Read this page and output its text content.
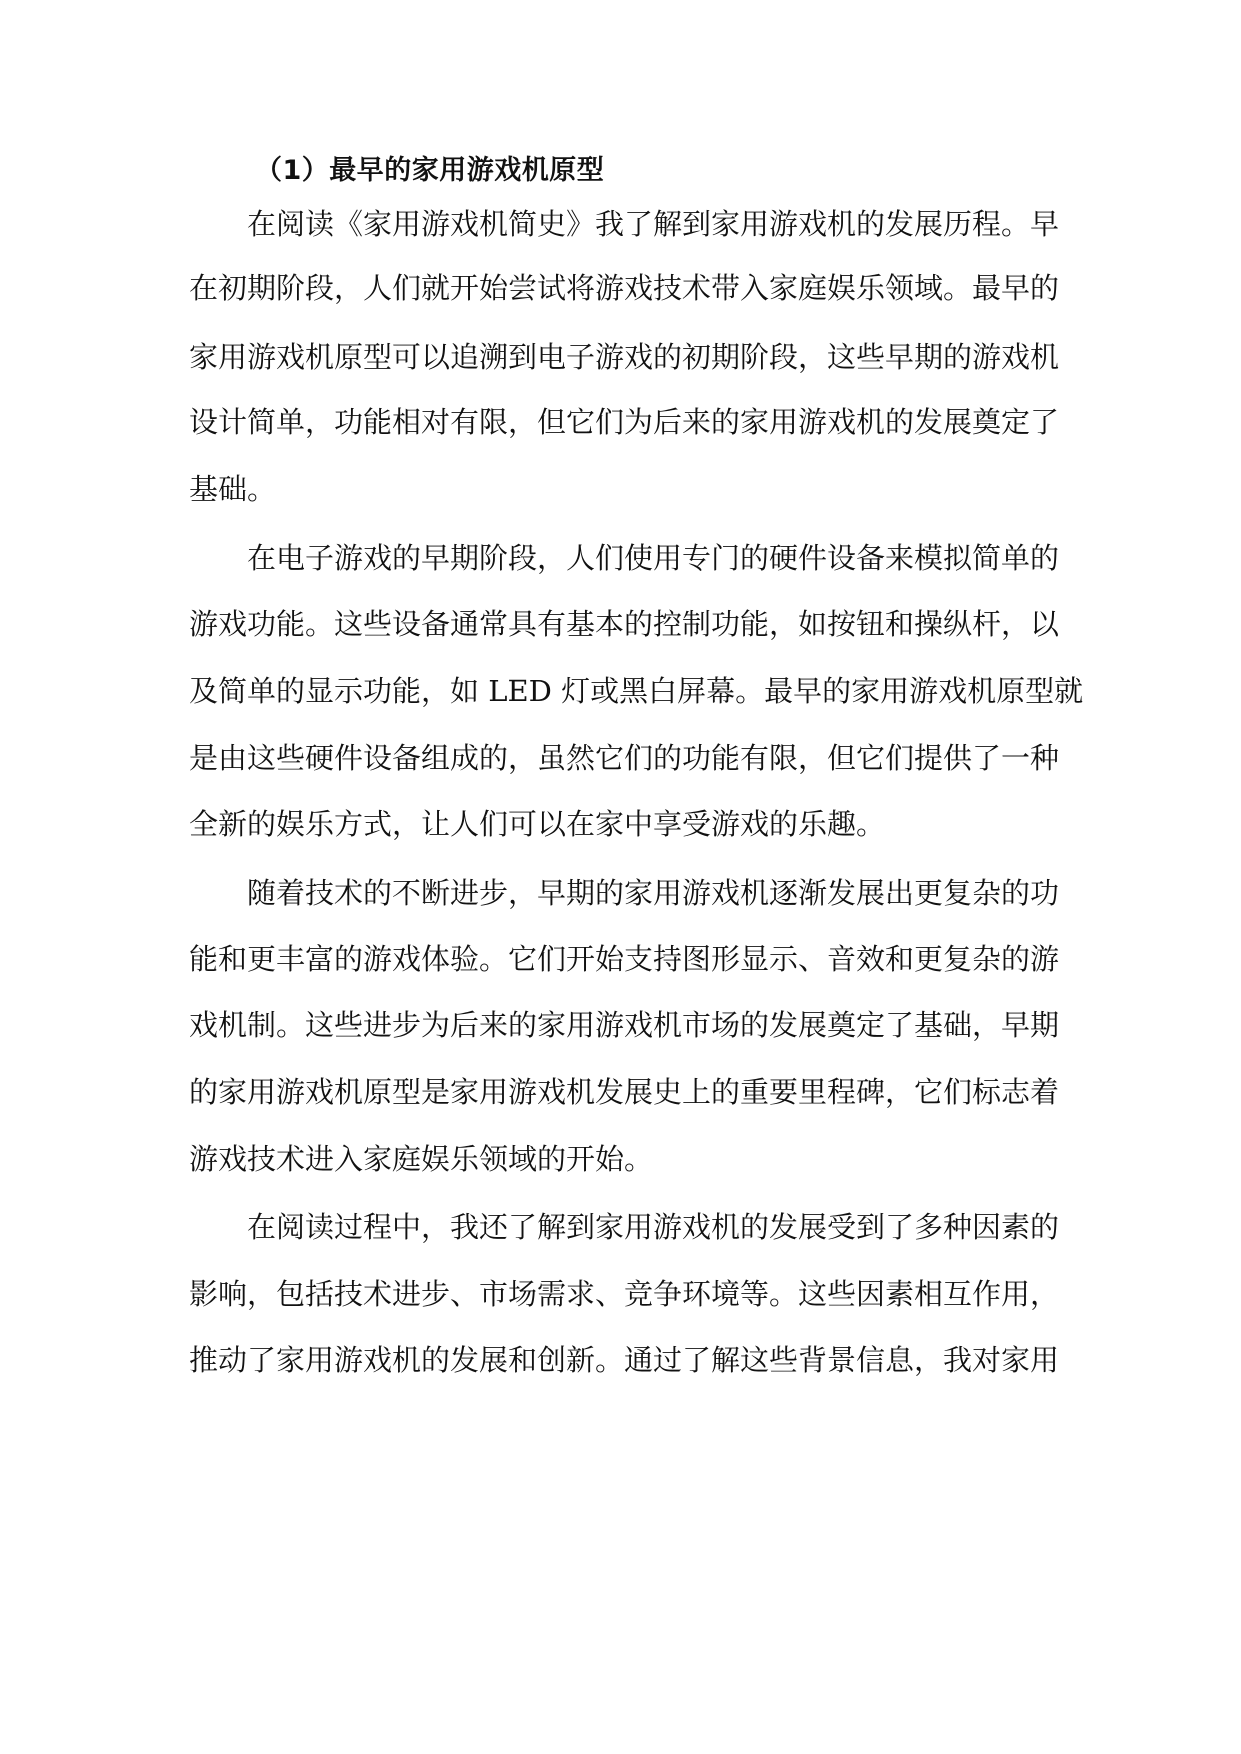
（1）最早的家用游戏机原型
在阅读《家用游戏机简史》我了解到家用游戏机的发展历程。早
在初期阶段，人们就开始尝试将游戏技术带入家庭娱乐领域。最早的
家用游戏机原型可以追溯到电子游戏的初期阶段，这些早期的游戏机
设计简单，功能相对有限，但它们为后来的家用游戏机的发展奠定了
基础。
在电子游戏的早期阶段，人们使用专门的硬件设备来模拟简单的
游戏功能。这些设备通常具有基本的控制功能，如按钮和操纵杆，以
及简单的显示功能，如 LED 灯或黑白屏幕。最早的家用游戏机原型就
是由这些硬件设备组成的，虽然它们的功能有限，但它们提供了一种
全新的娱乐方式，让人们可以在家中享受游戏的乐趣。
随着技术的不断进步，早期的家用游戏机逐渐发展出更复杂的功
能和更丰富的游戏体验。它们开始支持图形显示、音效和更复杂的游
戏机制。这些进步为后来的家用游戏机市场的发展奠定了基础，早期
的家用游戏机原型是家用游戏机发展史上的重要里程碑，它们标志着
游戏技术进入家庭娱乐领域的开始。
在阅读过程中，我还了解到家用游戏机的发展受到了多种因素的
影响，包括技术进步、市场需求、竞争环境等。这些因素相互作用，
推动了家用游戏机的发展和创新。通过了解这些背景信息，我对家用
